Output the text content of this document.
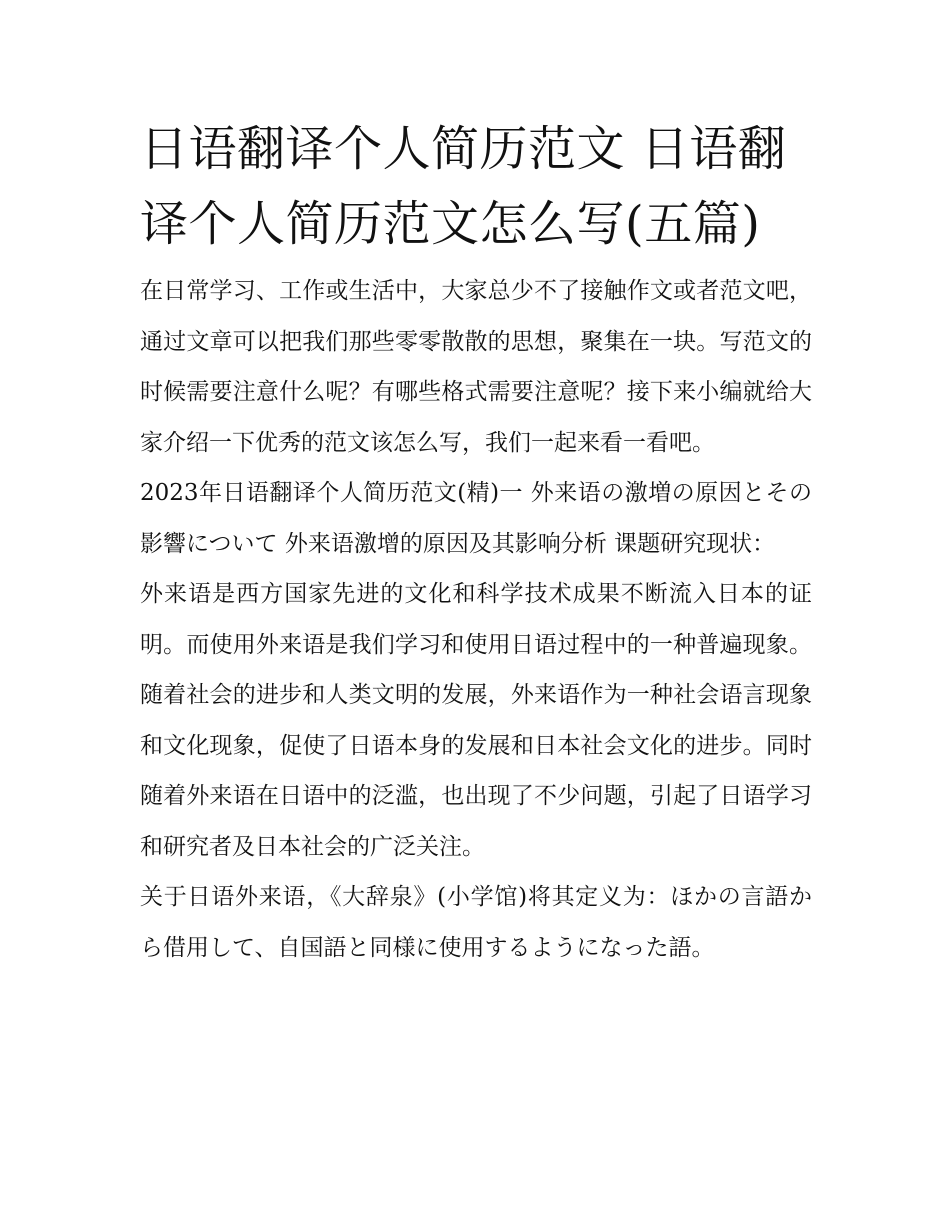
日语翻译个人简历范文 日语翻译个人简历范文怎么写(五篇)

在日常学习、工作或生活中，大家总少不了接触作文或者范文吧，通过文章可以把我们那些零零散散的思想，聚集在一块。写范文的时候需要注意什么呢？有哪些格式需要注意呢？接下来小编就给大家介绍一下优秀的范文该怎么写，我们一起来看一看吧。

2023年日语翻译个人简历范文(精)一 外来语の激増の原因とその影響について 外来语激增的原因及其影响分析 课题研究现状：

外来语是西方国家先进的文化和科学技术成果不断流入日本的证明。而使用外来语是我们学习和使用日语过程中的一种普遍现象。随着社会的进步和人类文明的发展，外来语作为一种社会语言现象和文化现象，促使了日语本身的发展和日本社会文化的进步。同时随着外来语在日语中的泛滥，也出现了不少问题，引起了日语学习和研究者及日本社会的广泛关注。

关于日语外来语，《大辞泉》(小学馆)将其定义为：ほかの言語から借用して、自国語と同様に使用するようになった語。
